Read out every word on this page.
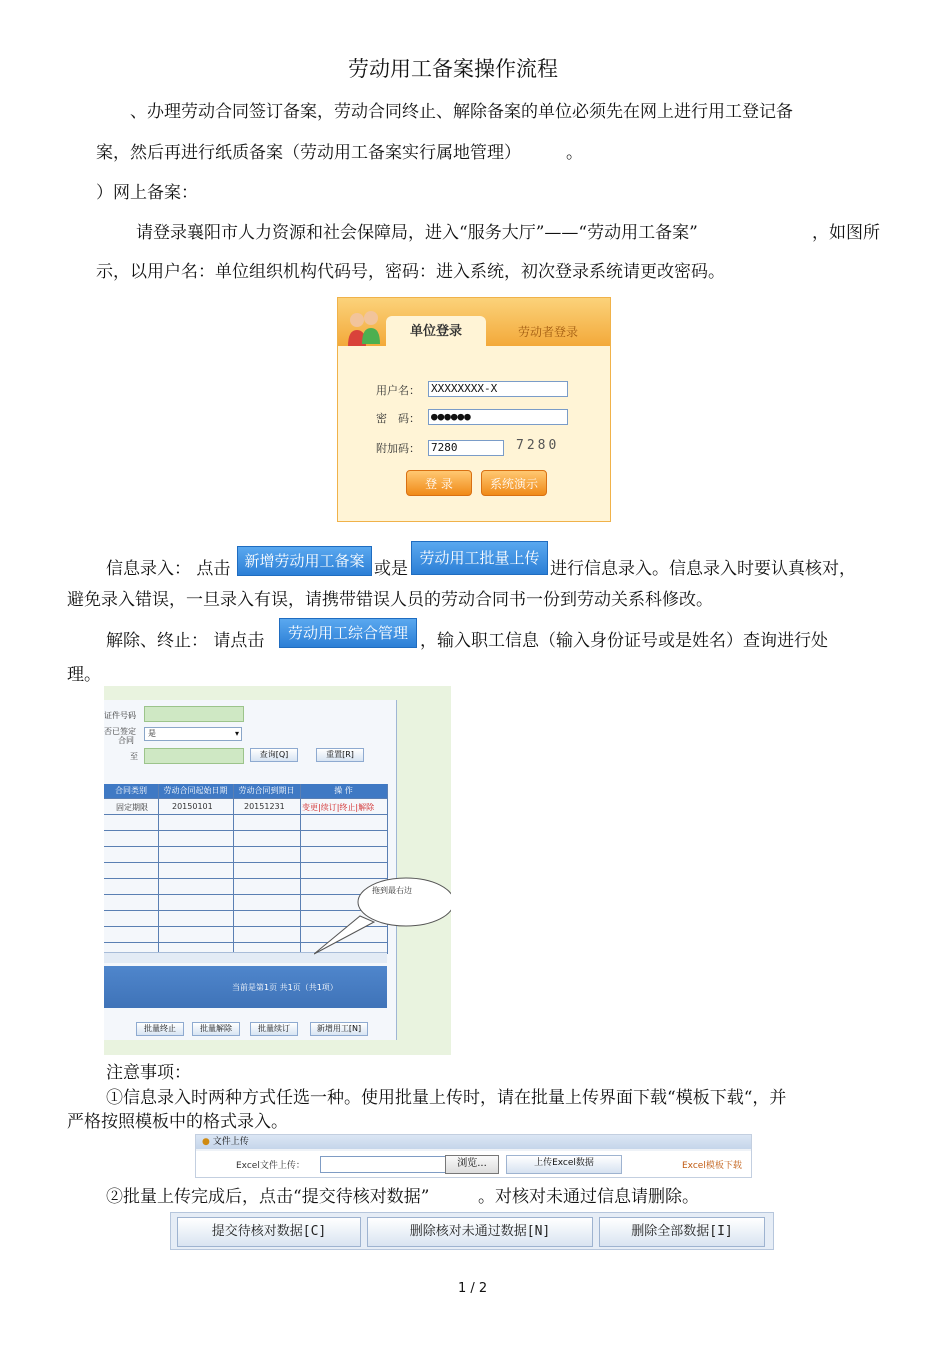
劳动用工备案操作流程
、办理劳动合同签订备案，劳动合同终止、解除备案的单位必须先在网上进行用工登记备
案，然后再进行纸质备案（劳动用工备案实行属地管理）	。
）网上备案：
请登录襄阳市人力资源和社会保障局，进入“服务大厅”——“劳动用工备案”	，如图所
示，以用户名：单位组织机构代码号，密码：进入系统，初次登录系统请更改密码。
单位登录	劳动者登录
用户名： XXXXXXXX-X
密　码： ●●●●●●
附加码： 7280	7280
登 录	系统演示
信息录入： 点击 新增劳动用工备案 或是
劳动用工批量上传
进行信息录入。信息录入时要认真核对，
避免录入错误，一旦录入有误，请携带错误人员的劳动合同书一份到劳动关系科修改。
解除、终止： 请点击	劳动用工综合管理 ，输入职工信息（输入身份证号或是姓名）查询进行处
理。
证件号码
否已签定
合同
是	▾
至	查询[Q]	重置[R]
合同类别	劳动合同起始日期	劳动合同到期日	操 作
固定期限	20150101	20151231 变更|续订|终止|解除
当前是第1页 共1页（共1项）
批量终止	批量解除	批量续订	新增用工[N]
拖到最右边
注意事项：
①信息录入时两种方式任选一种。使用批量上传时，请在批量上传界面下载“模板下载“，并
严格按照模板中的格式录入。
● 文件上传
Excel文件上传：	浏览...	上传Excel数据	Excel模板下载
②批量上传完成后，点击“提交待核对数据”	。对核对未通过信息请删除。
提交待核对数据[C]	删除核对未通过数据[N]	删除全部数据[I]
1 / 2
